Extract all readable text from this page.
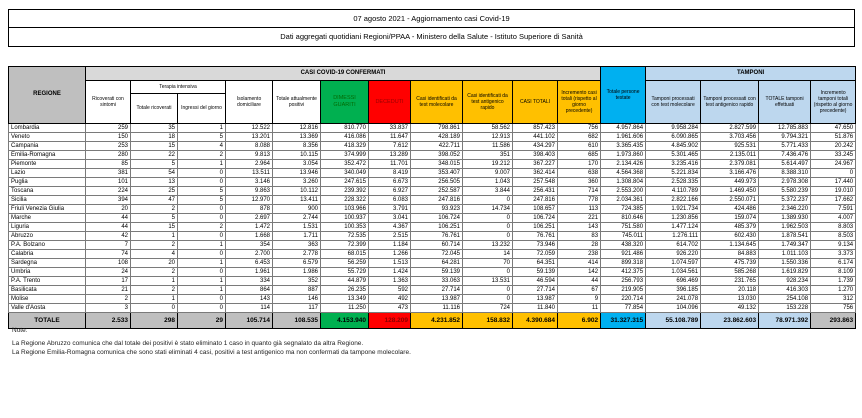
07 agosto 2021 - Aggiornamento casi Covid-19
Dati aggregati quotidiani Regioni/PPAA - Ministero della Salute - Istituto Superiore di Sanità
REGIONE	CASI COVID-19 CONFERMATI											Totale persone testate	TAMPONI			
	Ricoverati con sintomi	Terapia intensiva		Isolamento domiciliare	Totale attualmente positivi	DIMESSI GUARITI	DECEDUTI	Casi identificati da test molecolare	Casi identificati da test antigenico rapido	CASI TOTALI	Incremento casi totali (rispetto al giorno precedente)		Tamponi processati con test molecolare	Tamponi processati con test antigenico rapido	TOTALE tamponi effettuati	Incremento tamponi totali (rispetto al giorno precedente)
		Totale ricoverati	Ingressi del giorno													
Lombardia	259	35	1	12.522	12.816	810.770	33.837	798.861	58.562	857.423	756	4.957.864	9.958.284	2.827.599	12.785.883	47.650
Veneto	150	18	5	13.201	13.369	416.086	11.647	428.189	12.913	441.102	682	1.961.606	6.090.865	3.703.456	9.794.321	51.876
Campania	253	15	4	8.088	8.356	418.329	7.612	422.711	11.586	434.297	610	3.365.435	4.845.902	925.531	5.771.433	20.242
Emilia-Romagna	280	22	2	9.813	10.115	374.999	13.289	398.052	351	398.403	685	1.973.860	5.301.465	2.135.011	7.436.476	33.245
Piemonte	85	5	1	2.964	3.054	352.472	11.701	348.015	19.212	367.227	170	2.134.426	3.235.416	2.379.081	5.614.497	24.967
Lazio	381	54	0	13.511	13.946	340.049	8.419	353.407	9.007	362.414	638	4.564.368	5.221.834	3.166.476	8.388.310	0
Puglia	101	13	0	3.146	3.260	247.615	6.673	256.505	1.043	257.548	360	1.308.804	2.528.335	449.973	2.978.308	17.440
Toscana	224	25	5	9.863	10.112	239.392	6.927	252.587	3.844	256.431	714	2.553.200	4.110.789	1.469.450	5.580.239	19.010
Sicilia	394	47	5	12.970	13.411	228.322	6.083	247.816	0	247.816	778	2.034.361	2.822.166	2.550.071	5.372.237	17.662
Friuli Venezia Giulia	20	2	0	878	900	103.966	3.791	93.923	14.734	108.657	113	724.385	1.921.734	424.486	2.346.220	7.591
Marche	44	5	0	2.697	2.744	100.937	3.041	106.724	0	106.724	221	810.646	1.230.856	159.074	1.389.930	4.007
Liguria	44	15	2	1.472	1.531	100.353	4.367	106.251	0	106.251	143	751.580	1.477.124	485.379	1.962.503	8.803
Abruzzo	42	1	0	1.668	1.711	72.535	2.515	76.761	0	76.761	83	745.011	1.276.111	602.430	1.878.541	8.503
P.A. Bolzano	7	2	1	354	363	72.399	1.184	60.714	13.232	73.946	28	438.320	614.702	1.134.645	1.749.347	9.134
Calabria	74	4	0	2.700	2.778	68.015	1.266	72.045	14	72.059	238	921.486	926.220	84.883	1.011.103	3.373
Sardegna	108	20	1	6.453	6.579	56.259	1.513	64.281	70	64.351	414	899.318	1.074.597	475.739	1.550.336	6.174
Umbria	24	2	0	1.961	1.986	55.729	1.424	59.139	0	59.139	142	412.375	1.034.561	585.268	1.619.829	8.109
P.A. Trento	17	1	1	334	352	44.879	1.363	33.063	13.531	46.594	44	256.793	696.469	231.765	928.234	1.739
Basilicata	21	2	1	864	887	26.235	592	27.714	0	27.714	67	219.905	396.185	20.118	416.303	1.270
Molise	2	1	0	143	146	13.349	492	13.987	0	13.987	9	220.714	241.078	13.030	254.108	312
Valle d'Aosta	3	0	0	114	117	11.250	473	11.116	724	11.840	11	77.854	104.096	49.132	153.228	756
TOTALE	2.533	298	29	105.714	108.535	4.153.940	128.209	4.231.852	158.832	4.390.684	6.902	31.327.315	55.108.789	23.862.603	78.971.392	293.863
Note:
La Regione Abruzzo comunica che dal totale dei positivi è stato eliminato 1 caso in quanto già segnalato da altra Regione.
La Regione Emilia-Romagna comunica che sono stati eliminati 4 casi, positivi a test antigenico ma non confermati da tampone molecolare.
